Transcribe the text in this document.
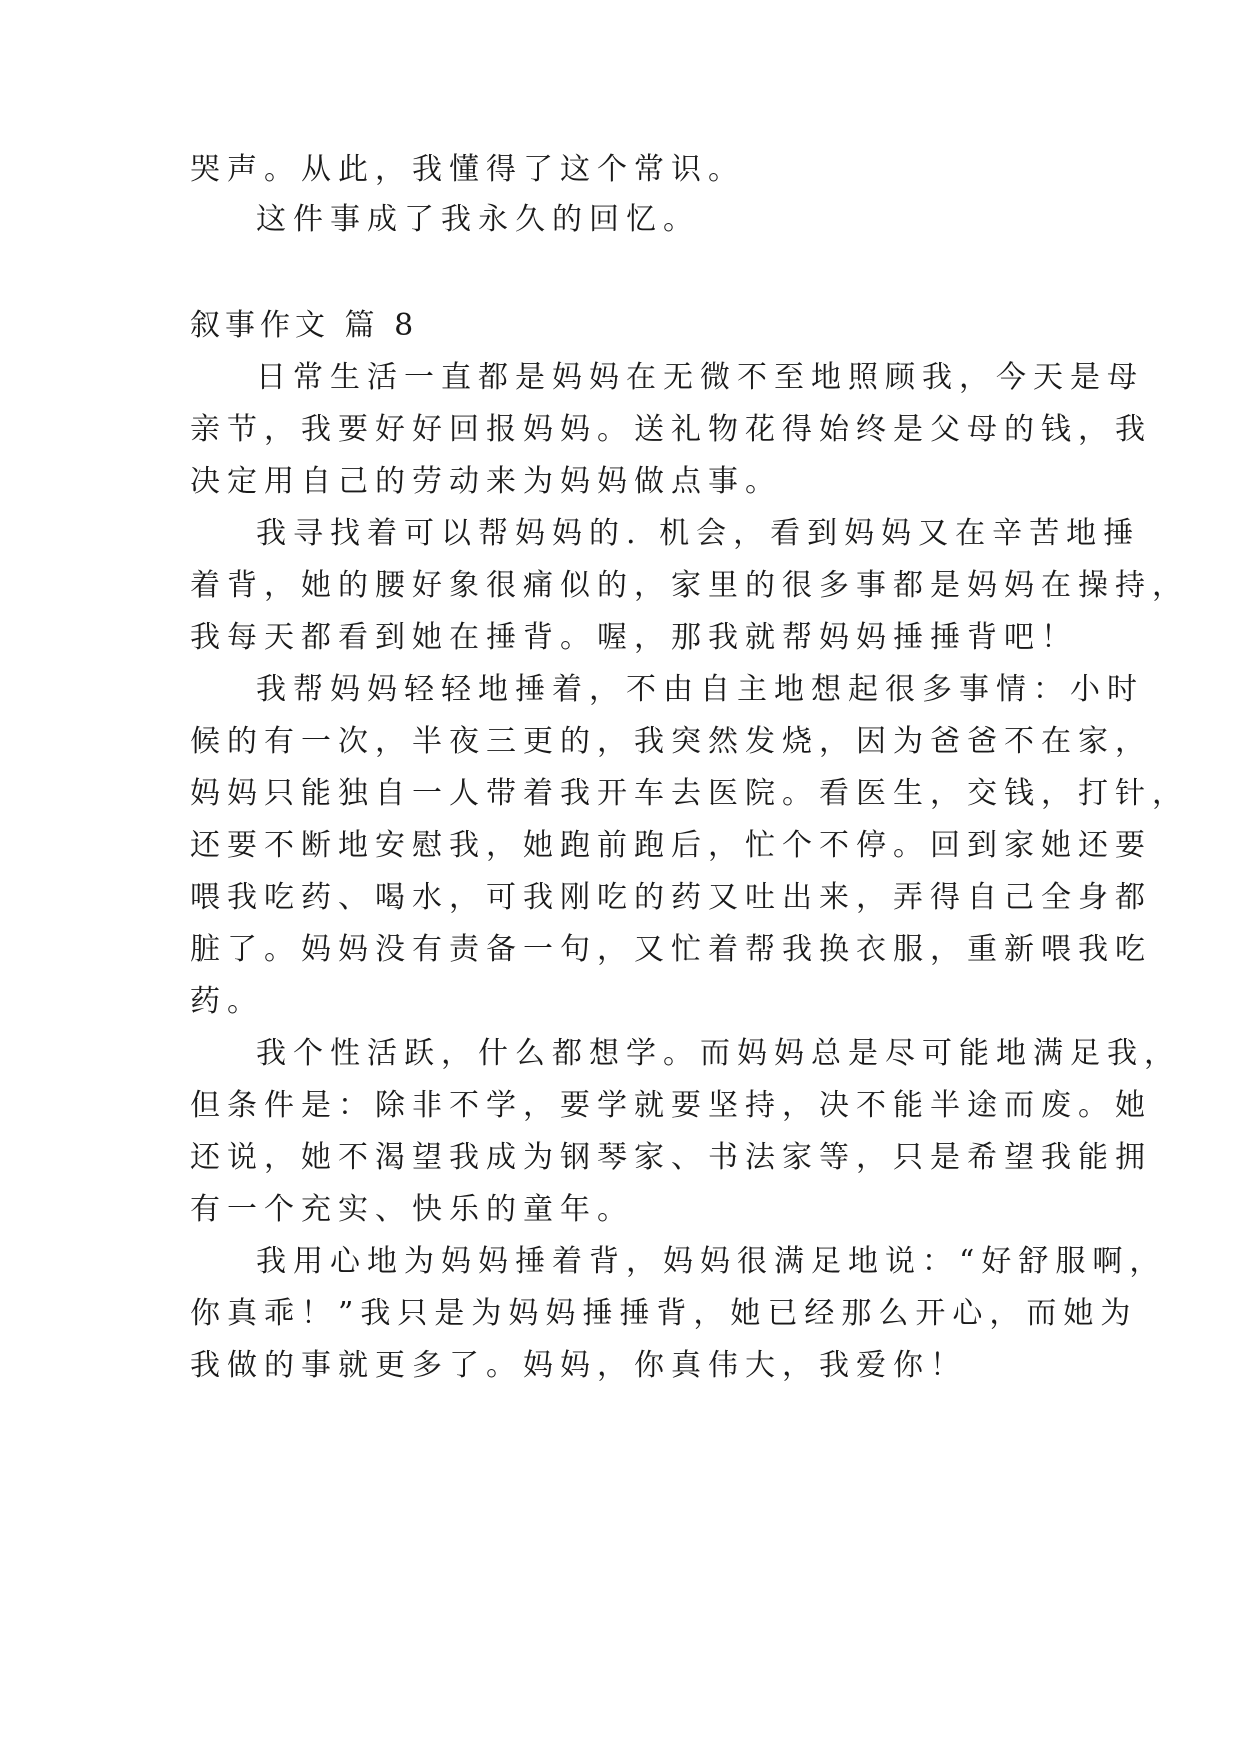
哭声。从此，我懂得了这个常识。
这件事成了我永久的回忆。
叙事作文 篇 8
日常生活一直都是妈妈在无微不至地照顾我，今天是母
亲节，我要好好回报妈妈。送礼物花得始终是父母的钱，我
决定用自己的劳动来为妈妈做点事。
我寻找着可以帮妈妈的. 机会，看到妈妈又在辛苦地捶
着背，她的腰好象很痛似的，家里的很多事都是妈妈在操持，
我每天都看到她在捶背。喔，那我就帮妈妈捶捶背吧！
我帮妈妈轻轻地捶着，不由自主地想起很多事情：小时
候的有一次，半夜三更的，我突然发烧，因为爸爸不在家，
妈妈只能独自一人带着我开车去医院。看医生，交钱，打针，
还要不断地安慰我，她跑前跑后，忙个不停。回到家她还要
喂我吃药、喝水，可我刚吃的药又吐出来，弄得自己全身都
脏了。妈妈没有责备一句，又忙着帮我换衣服，重新喂我吃
药。
我个性活跃，什么都想学。而妈妈总是尽可能地满足我，
但条件是：除非不学，要学就要坚持，决不能半途而废。她
还说，她不渴望我成为钢琴家、书法家等，只是希望我能拥
有一个充实、快乐的童年。
我用心地为妈妈捶着背，妈妈很满足地说：“好舒服啊，
你真乖！”我只是为妈妈捶捶背，她已经那么开心，而她为
我做的事就更多了。妈妈，你真伟大，我爱你！
